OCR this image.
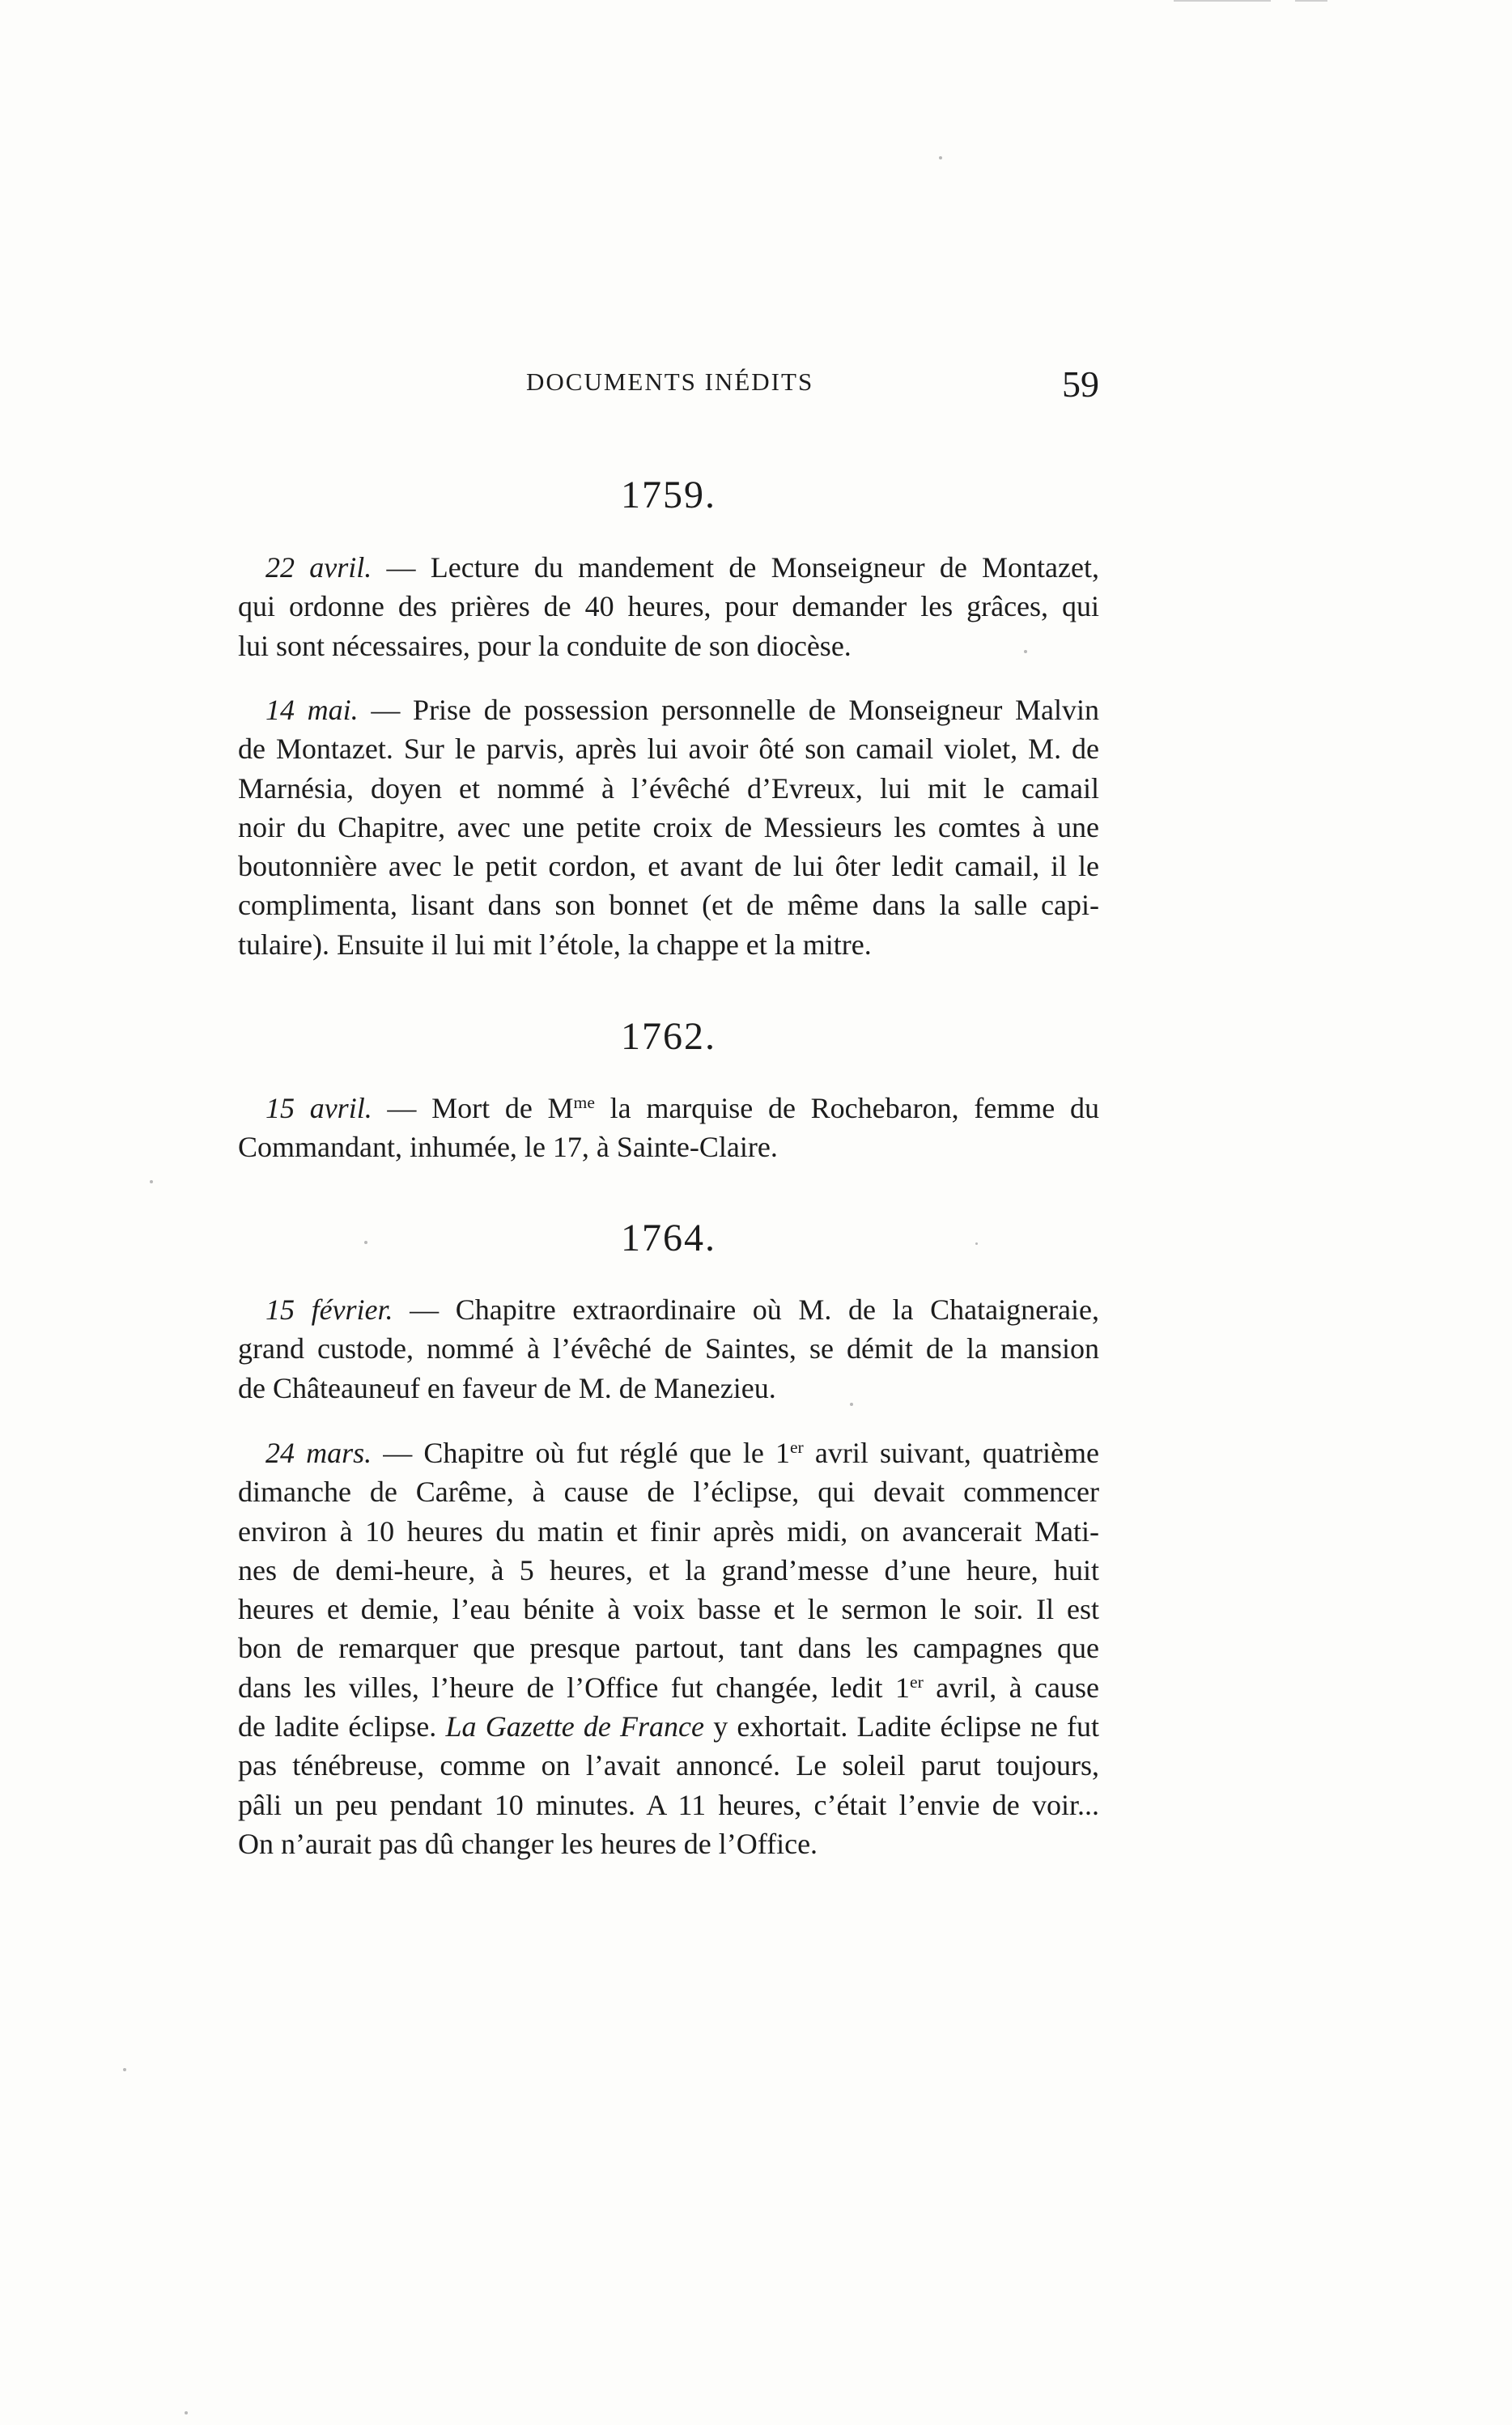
DOCUMENTS INÉDITS	59
1759.
22 avril. — Lecture du mandement de Monseigneur de Montazet,
qui ordonne des prières de 40 heures, pour demander les grâces, qui
lui sont nécessaires, pour la conduite de son diocèse.
14 mai. — Prise de possession personnelle de Monseigneur Malvin
de Montazet. Sur le parvis, après lui avoir ôté son camail violet, M. de
Marnésia, doyen et nommé à l’évêché d’Evreux, lui mit le camail
noir du Chapitre, avec une petite croix de Messieurs les comtes à une
boutonnière avec le petit cordon, et avant de lui ôter ledit camail, il le
complimenta, lisant dans son bonnet (et de même dans la salle capi-
tulaire). Ensuite il lui mit l’étole, la chappe et la mitre.
1762.
15 avril. — Mort de $M^{me}$ la marquise de Rochebaron, femme du
Commandant, inhumée, le 17, à Sainte-Claire.
1764.
15 février. — Chapitre extraordinaire où M. de la Chataigneraie,
grand custode, nommé à l’évêché de Saintes, se démit de la mansion
de Châteauneuf en faveur de M. de Manezieu.
24 mars. — Chapitre où fut réglé que le 1er avril suivant, quatrième
dimanche de Carême, à cause de l’éclipse, qui devait commencer
environ à 10 heures du matin et finir après midi, on avancerait Mati-
nes de demi-heure, à 5 heures, et la grand’messe d’une heure, huit
heures et demie, l’eau bénite à voix basse et le sermon le soir. Il est
bon de remarquer que presque partout, tant dans les campagnes que
dans les villes, l’heure de l’Office fut changée, ledit 1er avril, à cause
de ladite éclipse. La Gazette de France y exhortait. Ladite éclipse ne fut
pas ténébreuse, comme on l’avait annoncé. Le soleil parut toujours,
pâli un peu pendant 10 minutes. A 11 heures, c’était l’envie de voir...
On n’aurait pas dû changer les heures de l’Office.
